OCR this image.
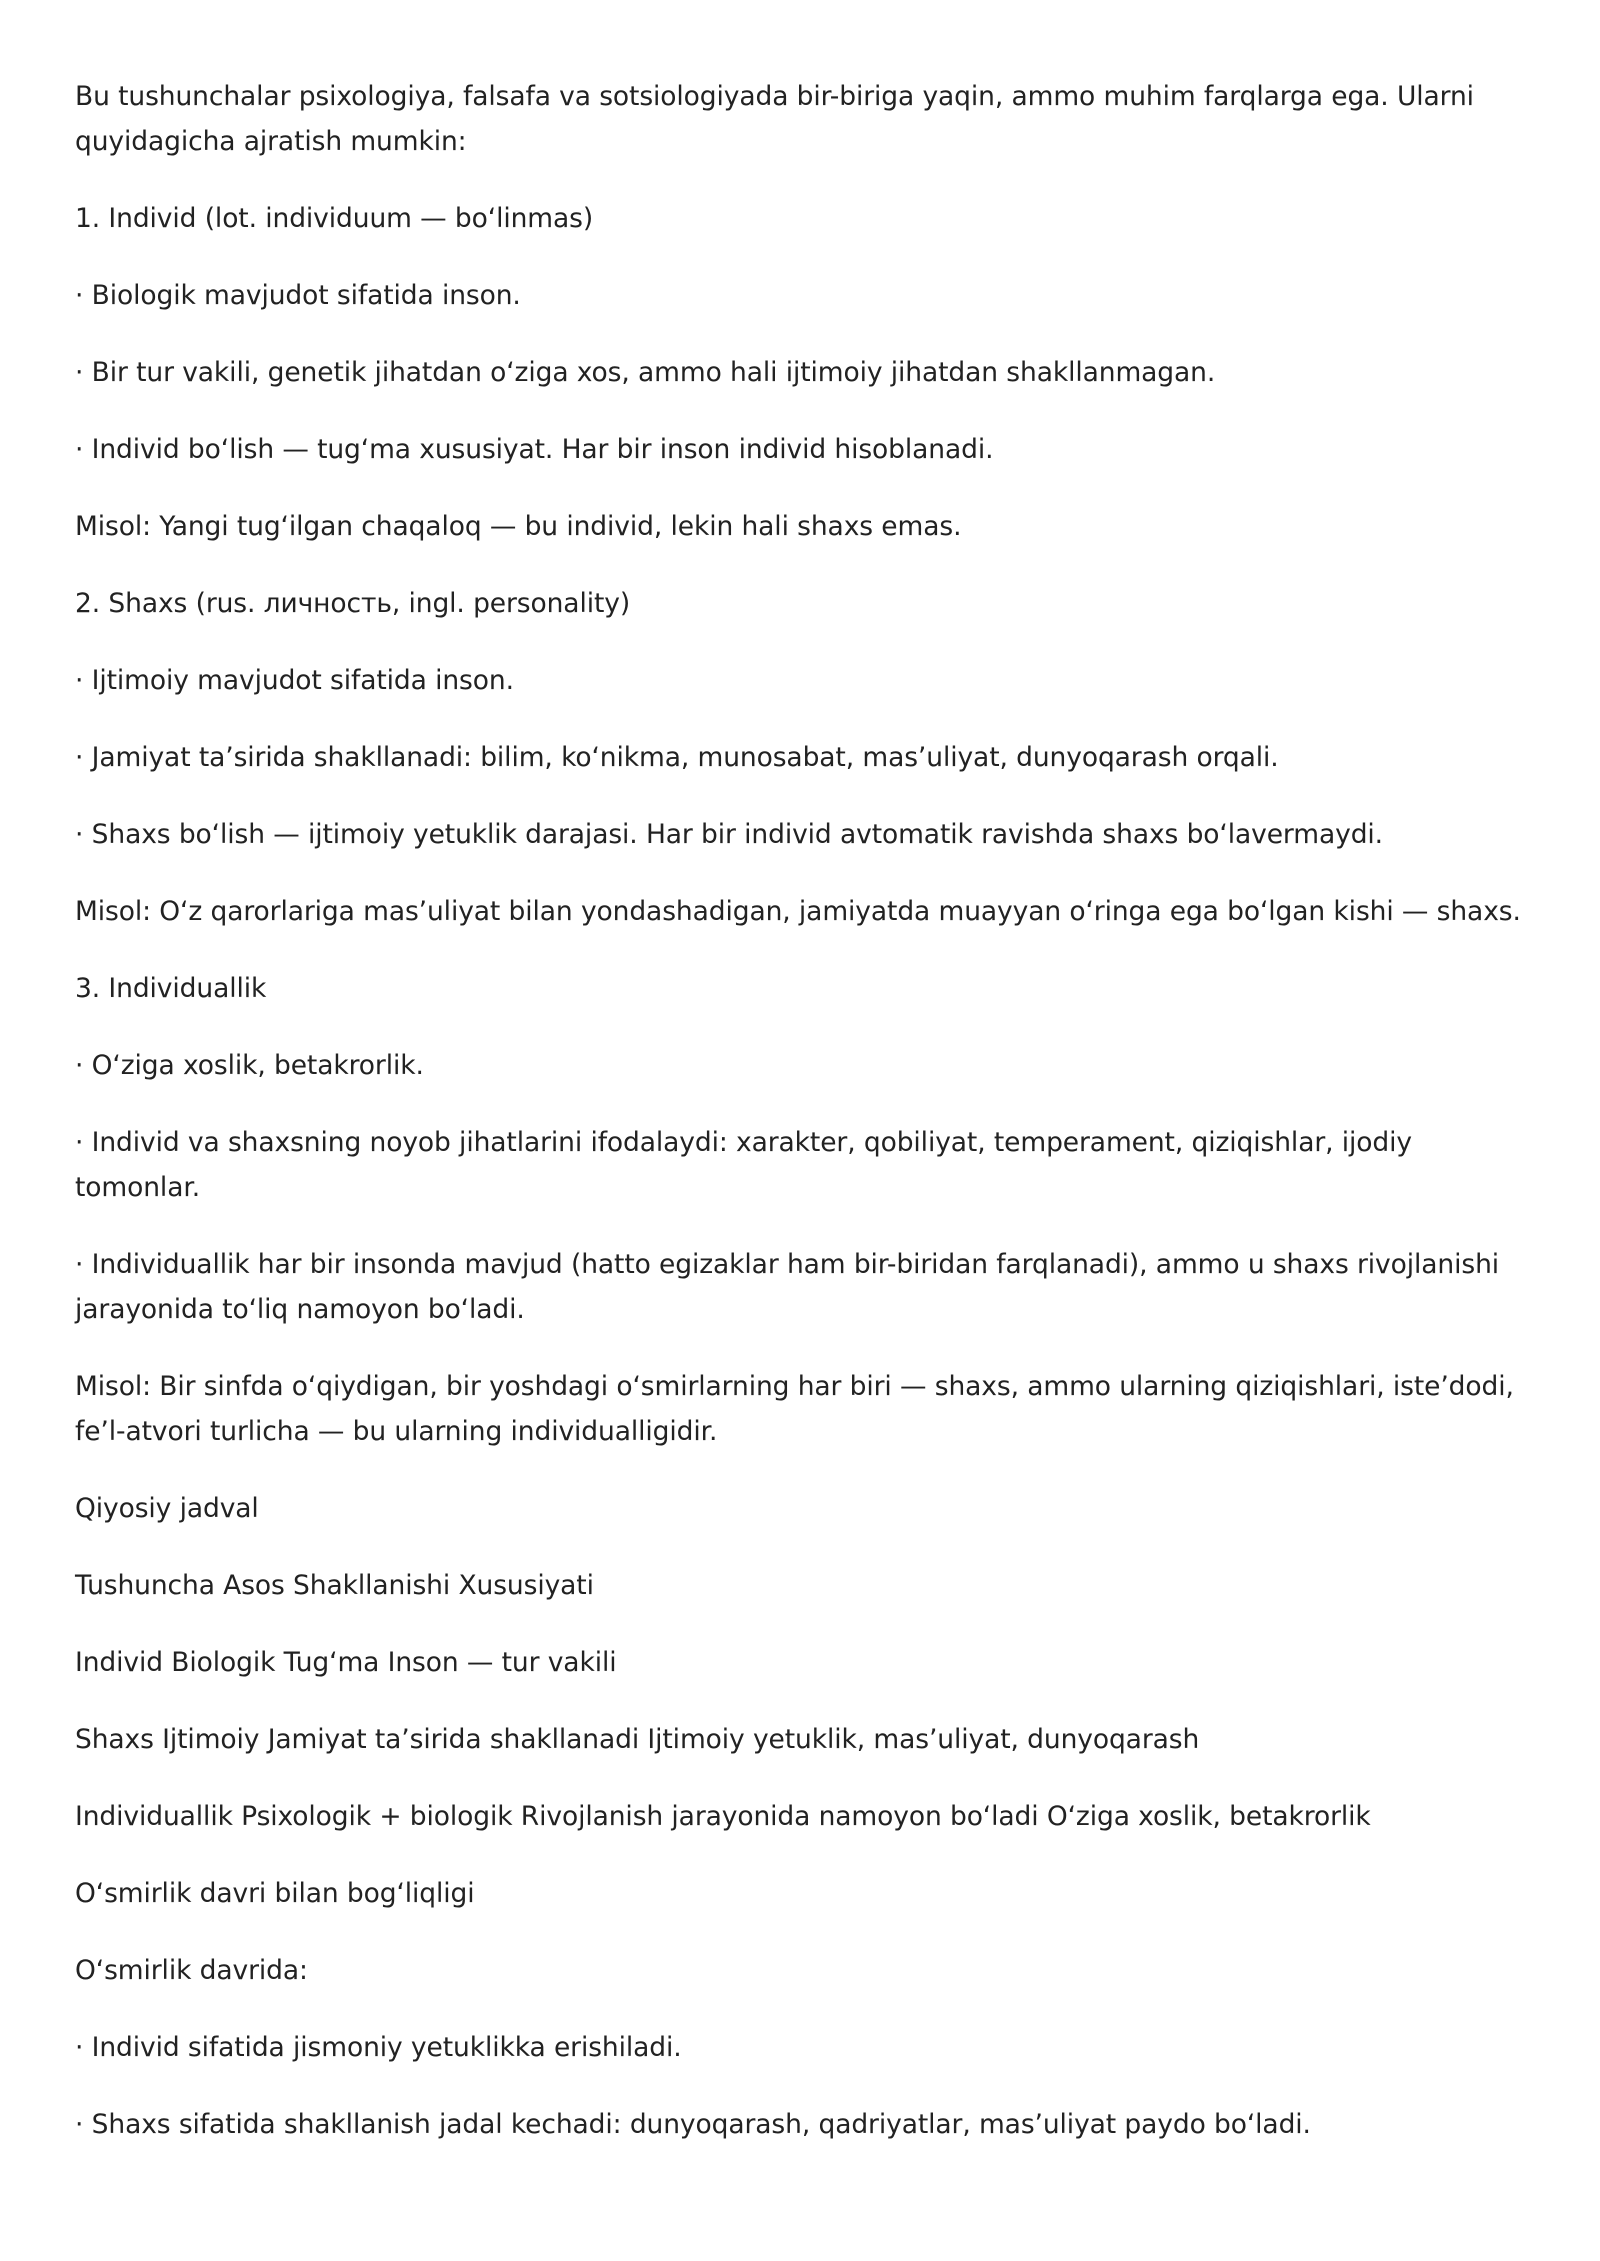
Bu tushunchalar psixologiya, falsafa va sotsiologiyada bir-biriga yaqin, ammo muhim farqlarga ega. Ularni quyidagicha ajratish mumkin:

1. Individ (lot. individuum — bo‘linmas)

· Biologik mavjudot sifatida inson.

· Bir tur vakili, genetik jihatdan o‘ziga xos, ammo hali ijtimoiy jihatdan shakllanmagan.

· Individ bo‘lish — tug‘ma xususiyat. Har bir inson individ hisoblanadi.

Misol: Yangi tug‘ilgan chaqaloq — bu individ, lekin hali shaxs emas.

2. Shaxs (rus. личность, ingl. personality)

· Ijtimoiy mavjudot sifatida inson.

· Jamiyat ta’sirida shakllanadi: bilim, ko‘nikma, munosabat, mas’uliyat, dunyoqarash orqali.

· Shaxs bo‘lish — ijtimoiy yetuklik darajasi. Har bir individ avtomatik ravishda shaxs bo‘lavermaydi.

Misol: O‘z qarorlariga mas’uliyat bilan yondashadigan, jamiyatda muayyan o‘ringa ega bo‘lgan kishi — shaxs.

3. Individuallik

· O‘ziga xoslik, betakrorlik.

· Individ va shaxsning noyob jihatlarini ifodalaydi: xarakter, qobiliyat, temperament, qiziqishlar, ijodiy tomonlar.

· Individuallik har bir insonda mavjud (hatto egizaklar ham bir-biridan farqlanadi), ammo u shaxs rivojlanishi jarayonida to‘liq namoyon bo‘ladi.

Misol: Bir sinfda o‘qiydigan, bir yoshdagi o‘smirlarning har biri — shaxs, ammo ularning qiziqishlari, iste’dodi, fe’l-atvori turlicha — bu ularning individualligidir.

Qiyosiy jadval

Tushuncha Asos Shakllanishi Xususiyati

Individ Biologik Tug‘ma Inson — tur vakili

Shaxs Ijtimoiy Jamiyat ta’sirida shakllanadi Ijtimoiy yetuklik, mas’uliyat, dunyoqarash

Individuallik Psixologik + biologik Rivojlanish jarayonida namoyon bo‘ladi O‘ziga xoslik, betakrorlik

O‘smirlik davri bilan bog‘liqligi

O‘smirlik davrida:

· Individ sifatida jismoniy yetuklikka erishiladi.

· Shaxs sifatida shakllanish jadal kechadi: dunyoqarash, qadriyatlar, mas’uliyat paydo bo‘ladi.
